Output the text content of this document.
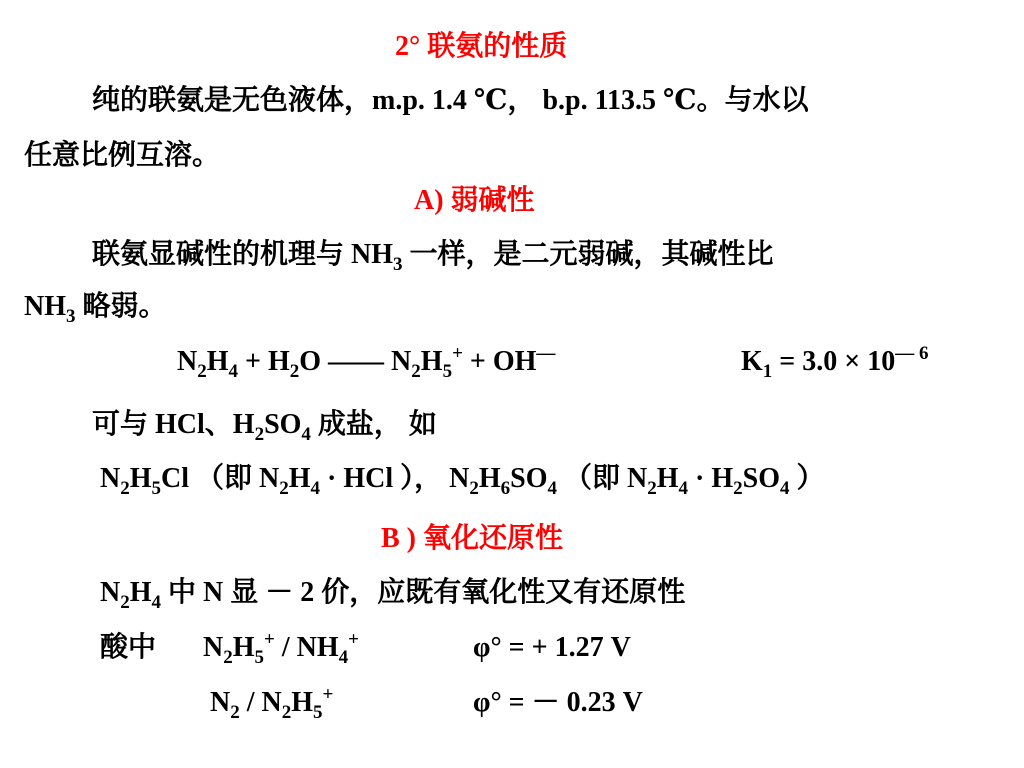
2° 联氨的性质
纯的联氨是无色液体，m.p. 1.4 ℃， b.p. 113.5 ℃。与水以
任意比例互溶。
A) 弱碱性
联氨显碱性的机理与 $NH_3$ 一样，是二元弱碱，其碱性比
$NH_3$ 略弱。
$N_2H_4 + H_2O$ —— $N_2H_5^+ + OH^—$	$K_1 = 3.0 \times 10^{— 6}$
可与 HCl、$H_2SO_4$ 成盐， 如
$N_2H_5Cl$ （即 $N_2H_4$ · HCl ）， $N_2H_6SO_4$ （即 $N_2H_4 \cdot H_2SO_4$ ）
B ) 氧化还原性
$N_2H_4$ 中 N 显 － 2 价，应既有氧化性又有还原性
酸中 $N_2H_5^+ / NH_4^+$	φ° = + 1.27 V
$N_2 / N_2H_5^+$	φ° = － 0.23 V
